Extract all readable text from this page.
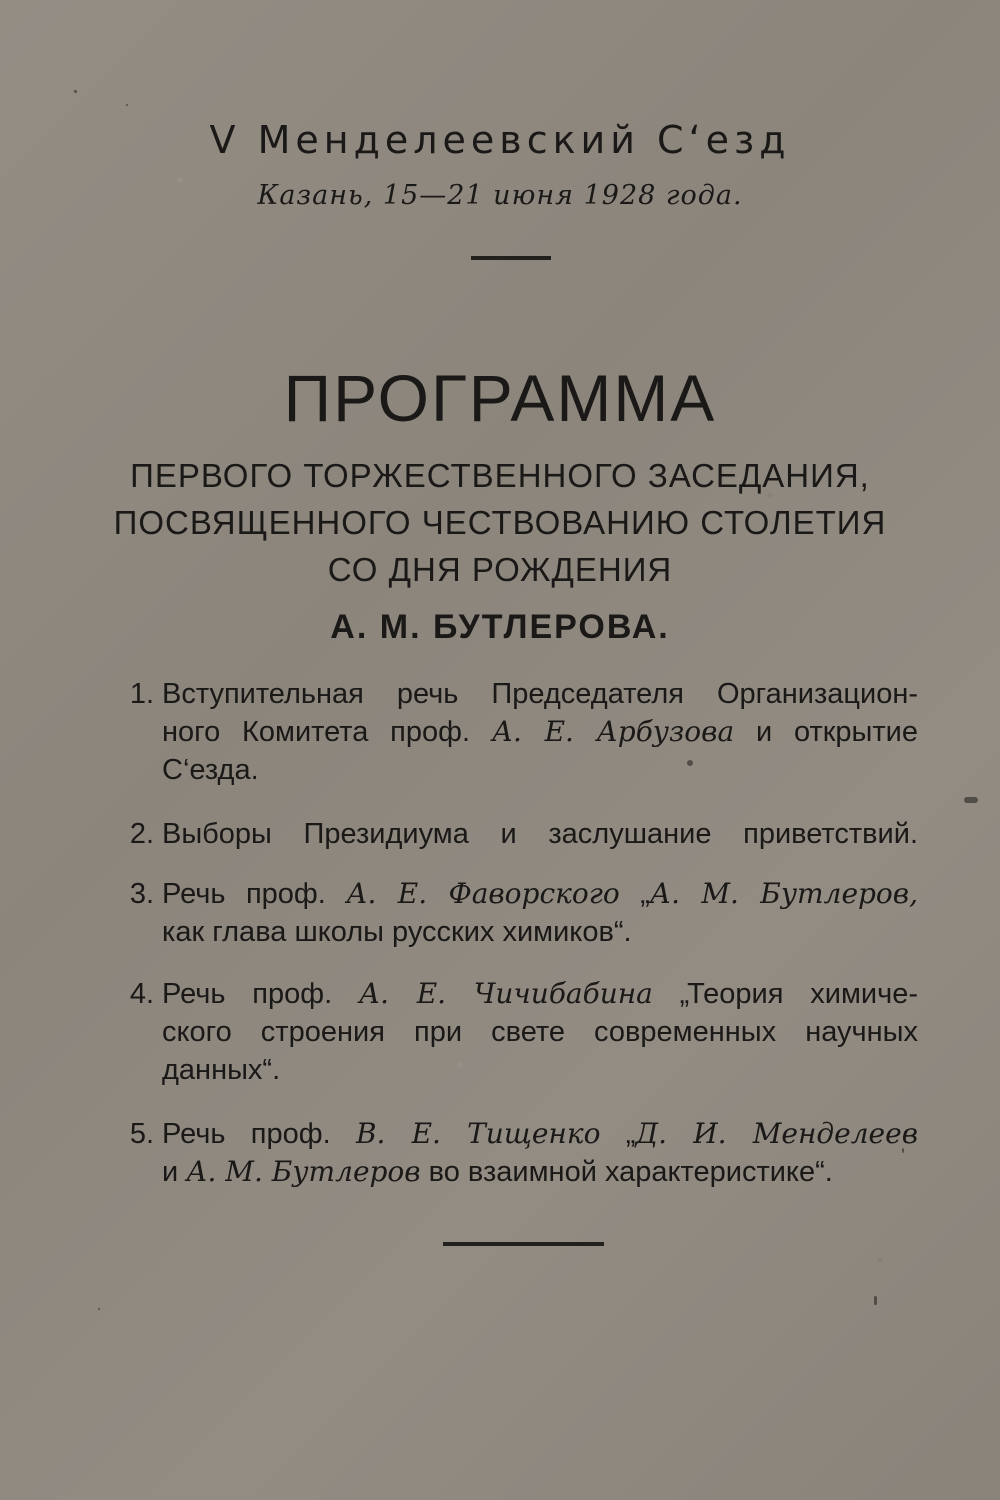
V Менделеевский С‘езд
Казань, 15—21 июня 1928 года.
ПРОГРАММА
ПЕРВОГО ТОРЖЕСТВЕННОГО ЗАСЕДАНИЯ,
ПОСВЯЩЕННОГО ЧЕСТВОВАНИЮ СТОЛЕТИЯ
СО ДНЯ РОЖДЕНИЯ
А. М. БУТЛЕРОВА.
1. Вступительная речь Председателя Организацион-
ного Комитета проф. А. Е. Арбузова и открытие
С‘езда.
2. Выборы Президиума и заслушание приветствий.
3. Речь проф. А. Е. Фаворского „А. М. Бутлеров,
как глава школы русских химиков“.
4. Речь проф. А. Е. Чичибабина „Теория химиче-
ского строения при свете современных научных
данных“.
5. Речь проф. В. Е. Тищенко „Д. И. Менделеев
и А. М. Бутлеров во взаимной характеристике“.
